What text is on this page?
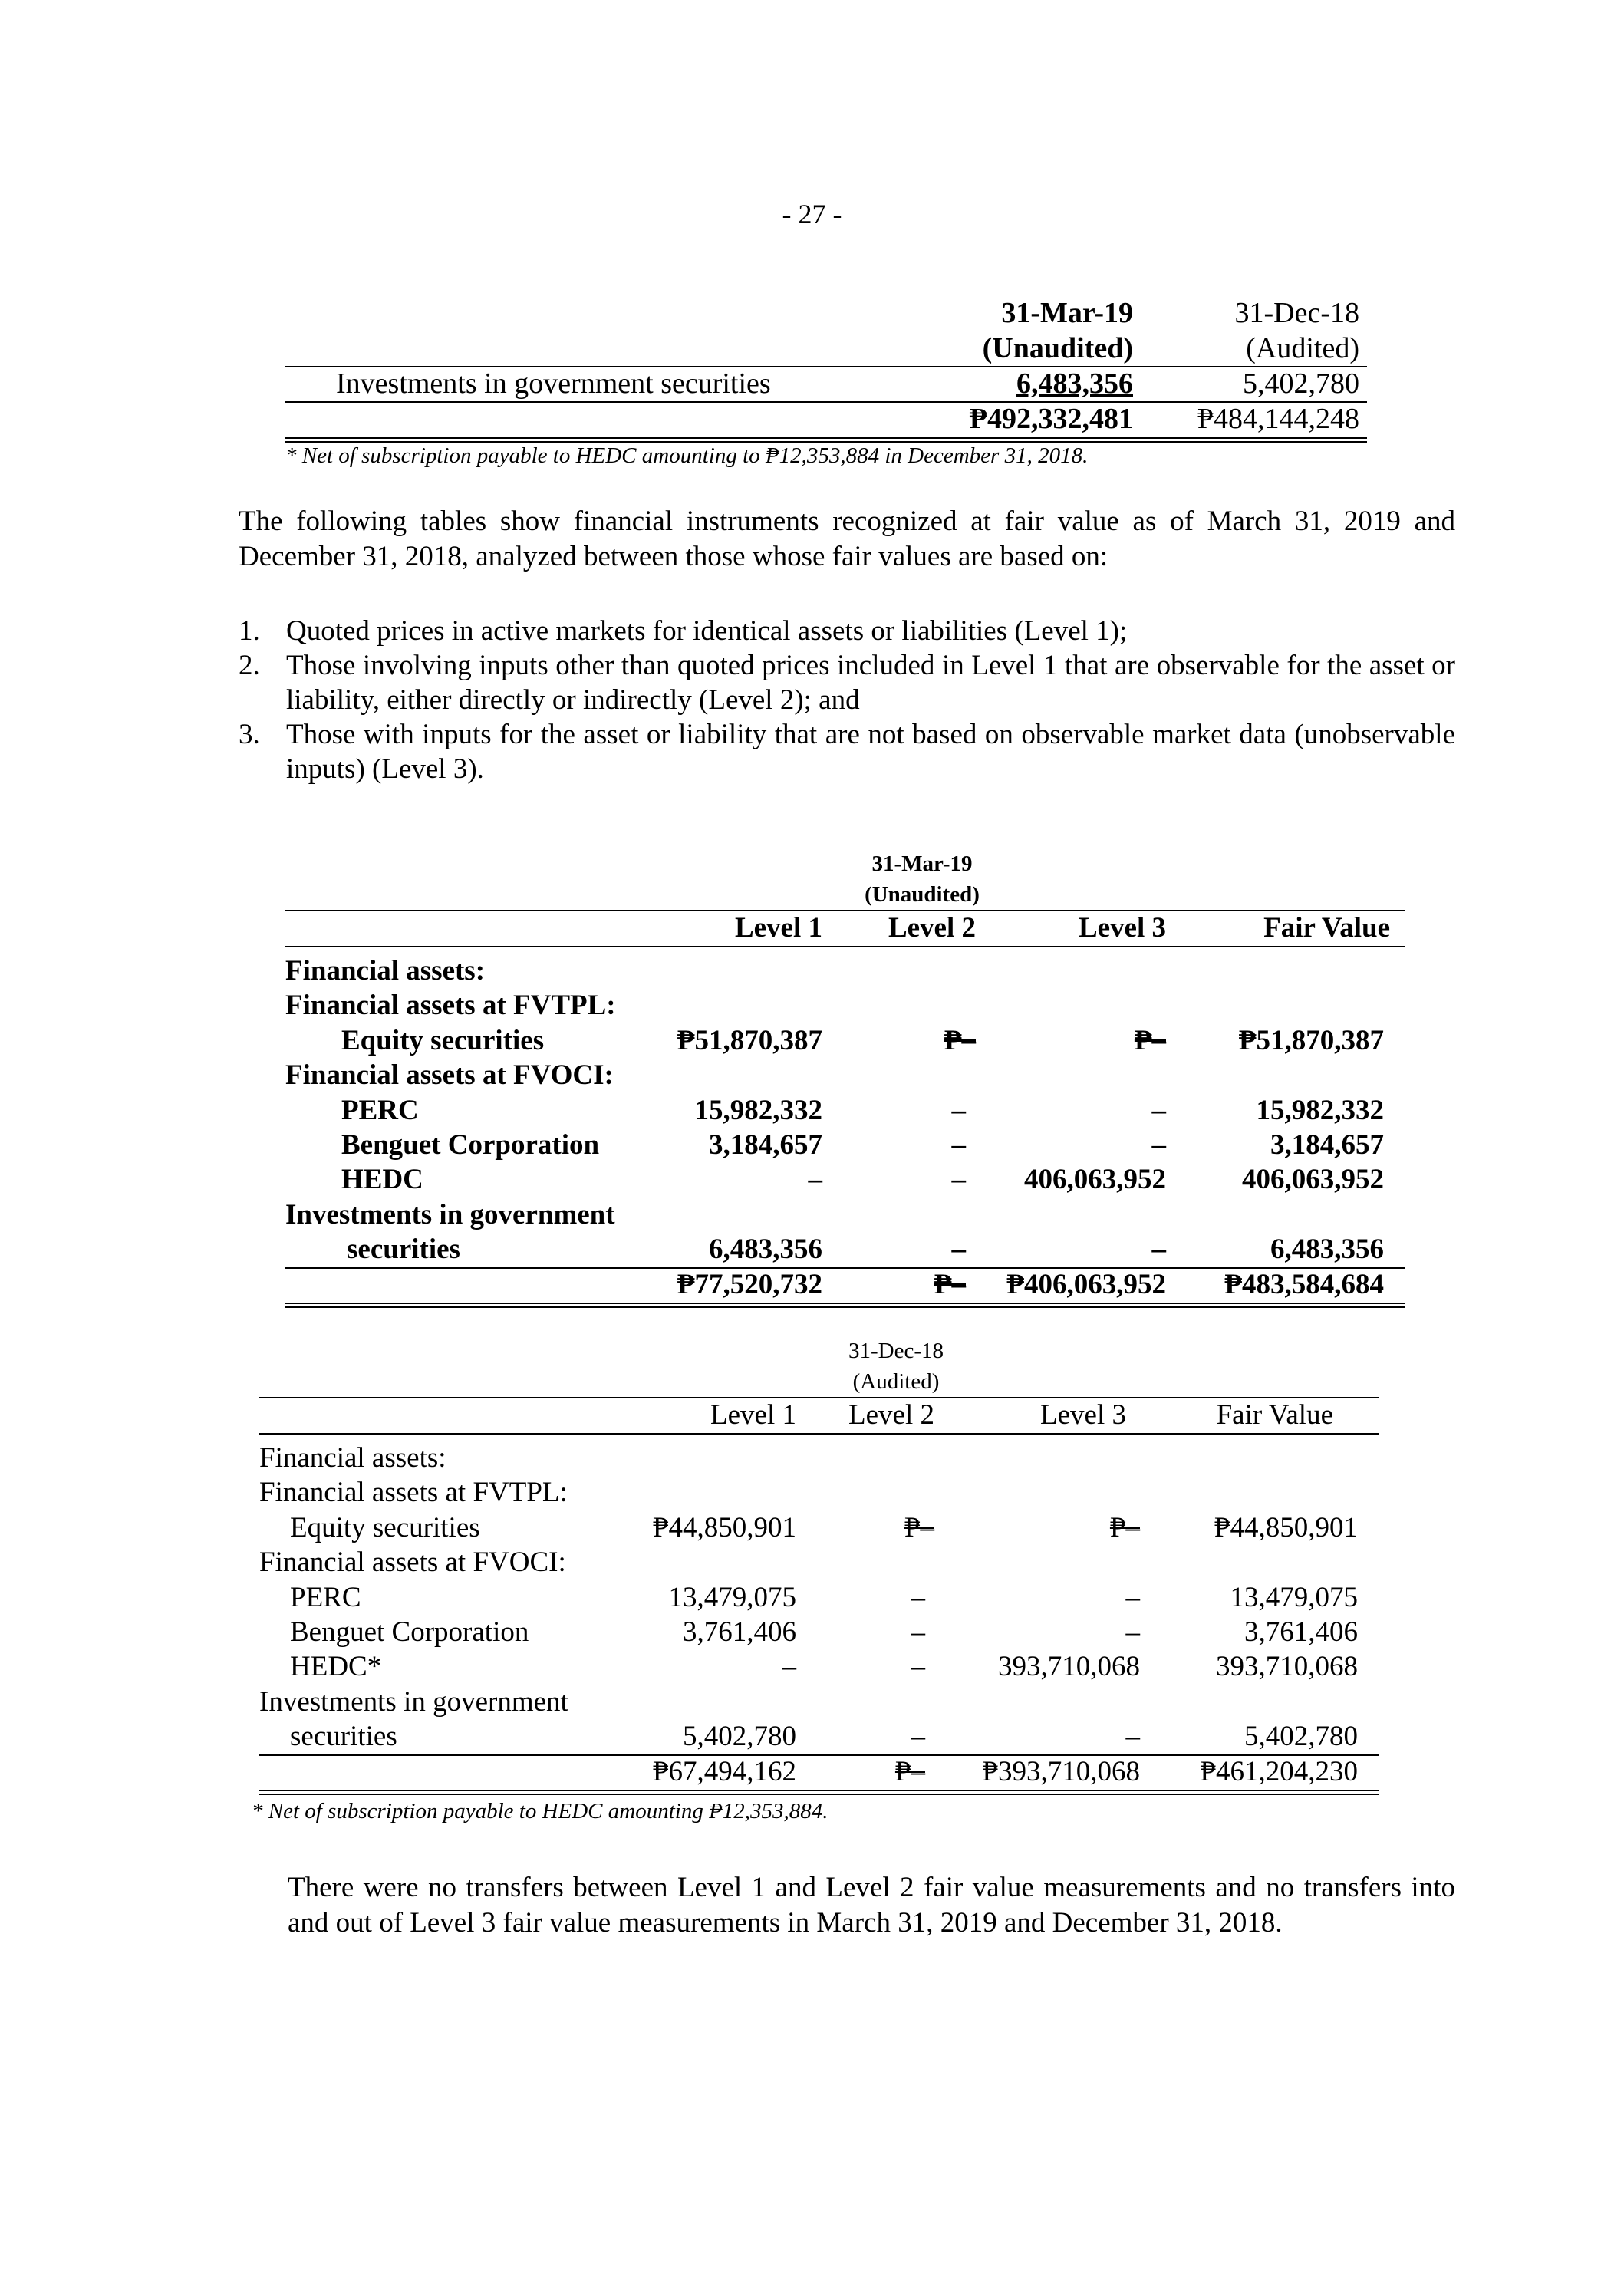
- 27 -
31-Mar-19	31-Dec-18
(Unaudited)	(Audited)
Investments in government securities	6,483,356	5,402,780
₱492,332,481 ₱484,144,248
* Net of subscription payable to HEDC amounting to ₱12,353,884 in December 31, 2018.
The following tables show financial instruments recognized at fair value as of March 31, 2019 and December 31, 2018, analyzed between those whose fair values are based on:
1. Quoted prices in active markets for identical assets or liabilities (Level 1);
2. Those involving inputs other than quoted prices included in Level 1 that are observable for the asset or liability, either directly or indirectly (Level 2); and
3. Those with inputs for the asset or liability that are not based on observable market data (unobservable inputs) (Level 3).
31-Mar-19
(Unaudited)
Level 1	Level 2	Level 3	Fair Value
Financial assets:
Financial assets at FVTPL:
Equity securities	₱51,870,387	₱–	₱–	₱51,870,387
Financial assets at FVOCI:
PERC	15,982,332	–	–	15,982,332
Benguet Corporation	3,184,657	–	–	3,184,657
HEDC	–	–	406,063,952	406,063,952
Investments in government
securities	6,483,356	–	–	6,483,356
₱77,520,732	₱–	₱406,063,952	₱483,584,684
31-Dec-18
(Audited)
Level 1	Level 2	Level 3	Fair Value
Financial assets:
Financial assets at FVTPL:
Equity securities	₱44,850,901	₱–	₱–	₱44,850,901
Financial assets at FVOCI:
PERC	13,479,075	–	–	13,479,075
Benguet Corporation	3,761,406	–	–	3,761,406
HEDC*	–	–	393,710,068	393,710,068
Investments in government
securities	5,402,780	–	–	5,402,780
₱67,494,162	₱–	₱393,710,068	₱461,204,230
* Net of subscription payable to HEDC amounting ₱12,353,884.
There were no transfers between Level 1 and Level 2 fair value measurements and no transfers into and out of Level 3 fair value measurements in March 31, 2019 and December 31, 2018.
